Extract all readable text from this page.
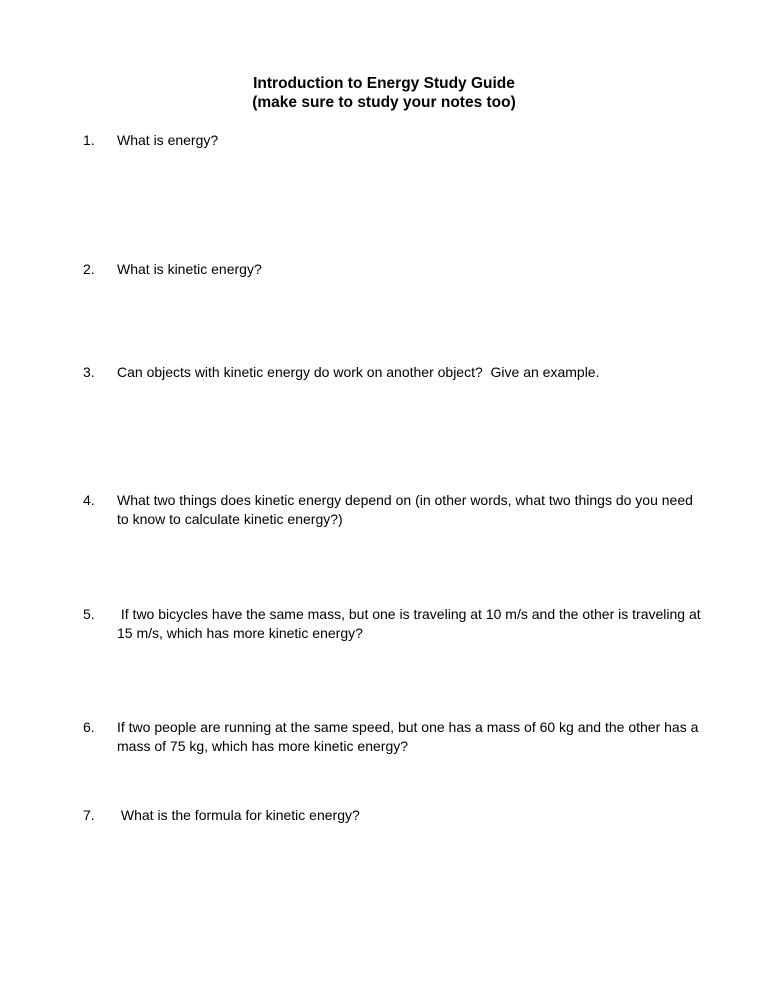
Introduction to Energy Study Guide
(make sure to study your notes too)
1.	What is energy?
2.	What is kinetic energy?
3.	Can objects with kinetic energy do work on another object?  Give an example.
4.	What two things does kinetic energy depend on (in other words, what two things do you need to know to calculate kinetic energy?)
5.	If two bicycles have the same mass, but one is traveling at 10 m/s and the other is traveling at 15 m/s, which has more kinetic energy?
6.	If two people are running at the same speed, but one has a mass of 60 kg and the other has a mass of 75 kg, which has more kinetic energy?
7.	What is the formula for kinetic energy?
